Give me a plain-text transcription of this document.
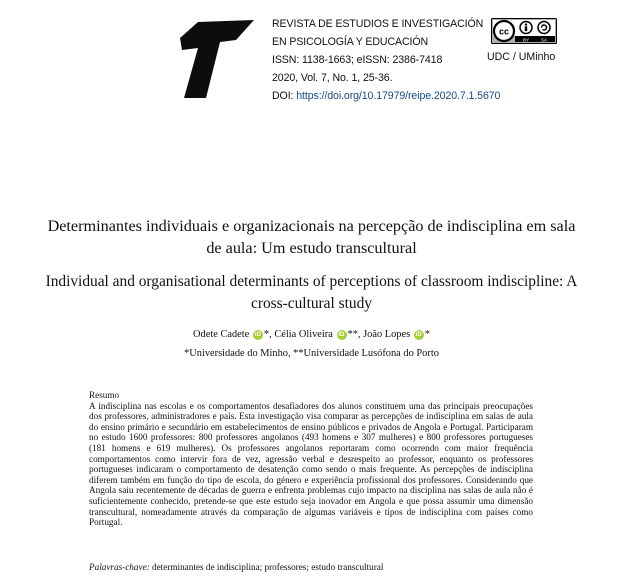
REVISTA DE ESTUDIOS E INVESTIGACIÓN
EN PSICOLOGÍA Y EDUCACIÓN
ISSN: 1138-1663; eISSN: 2386-7418
2020, Vol. 7, No. 1, 25-36.
DOI: https://doi.org/10.17979/reipe.2020.7.1.5670
cc
BY	SA
UDC / UMinho
Determinantes individuais e organizacionais na percepção de indisciplina em sala de aula: Um estudo transcultural
Individual and organisational determinants of perceptions of classroom indiscipline: A cross-cultural study
Odete Cadete iD *, Célia Oliveira iD **, João Lopes iD *
*Universidade do Minho, **Universidade Lusófona do Porto
Resumo

A indisciplina nas escolas e os comportamentos desafiadores dos alunos constituem uma das principais preocupações dos professores, administradores e pais. Esta investigação visa comparar as percepções de indisciplina em salas de aula do ensino primário e secundário em estabelecimentos de ensino públicos e privados de Angola e Portugal. Participaram no estudo 1600 professores: 800 professores angolanos (493 homens e 307 mulheres) e 800 professores portugueses (181 homens e 619 mulheres). Os professores angolanos reportaram como ocorrendo com maior frequência comportamentos como intervir fora de vez, agressão verbal e desrespeito ao professor, enquanto os professores portugueses indicaram o comportamento de desatenção como sendo o mais frequente. As percepções de indisciplina diferem também em função do tipo de escola, do género e experiência profissional dos professores. Considerando que Angola saiu recentemente de décadas de guerra e enfrenta problemas cujo impacto na disciplina nas salas de aula não é suficientemente conhecido, pretende-se que este estudo seja inovador em Angola e que possa assumir uma dimensão transcultural, nomeadamente através da comparação de algumas variáveis e tipos de indisciplina com países como Portugal.

Palavras-chave: determinantes de indisciplina; professores; estudo transcultural
